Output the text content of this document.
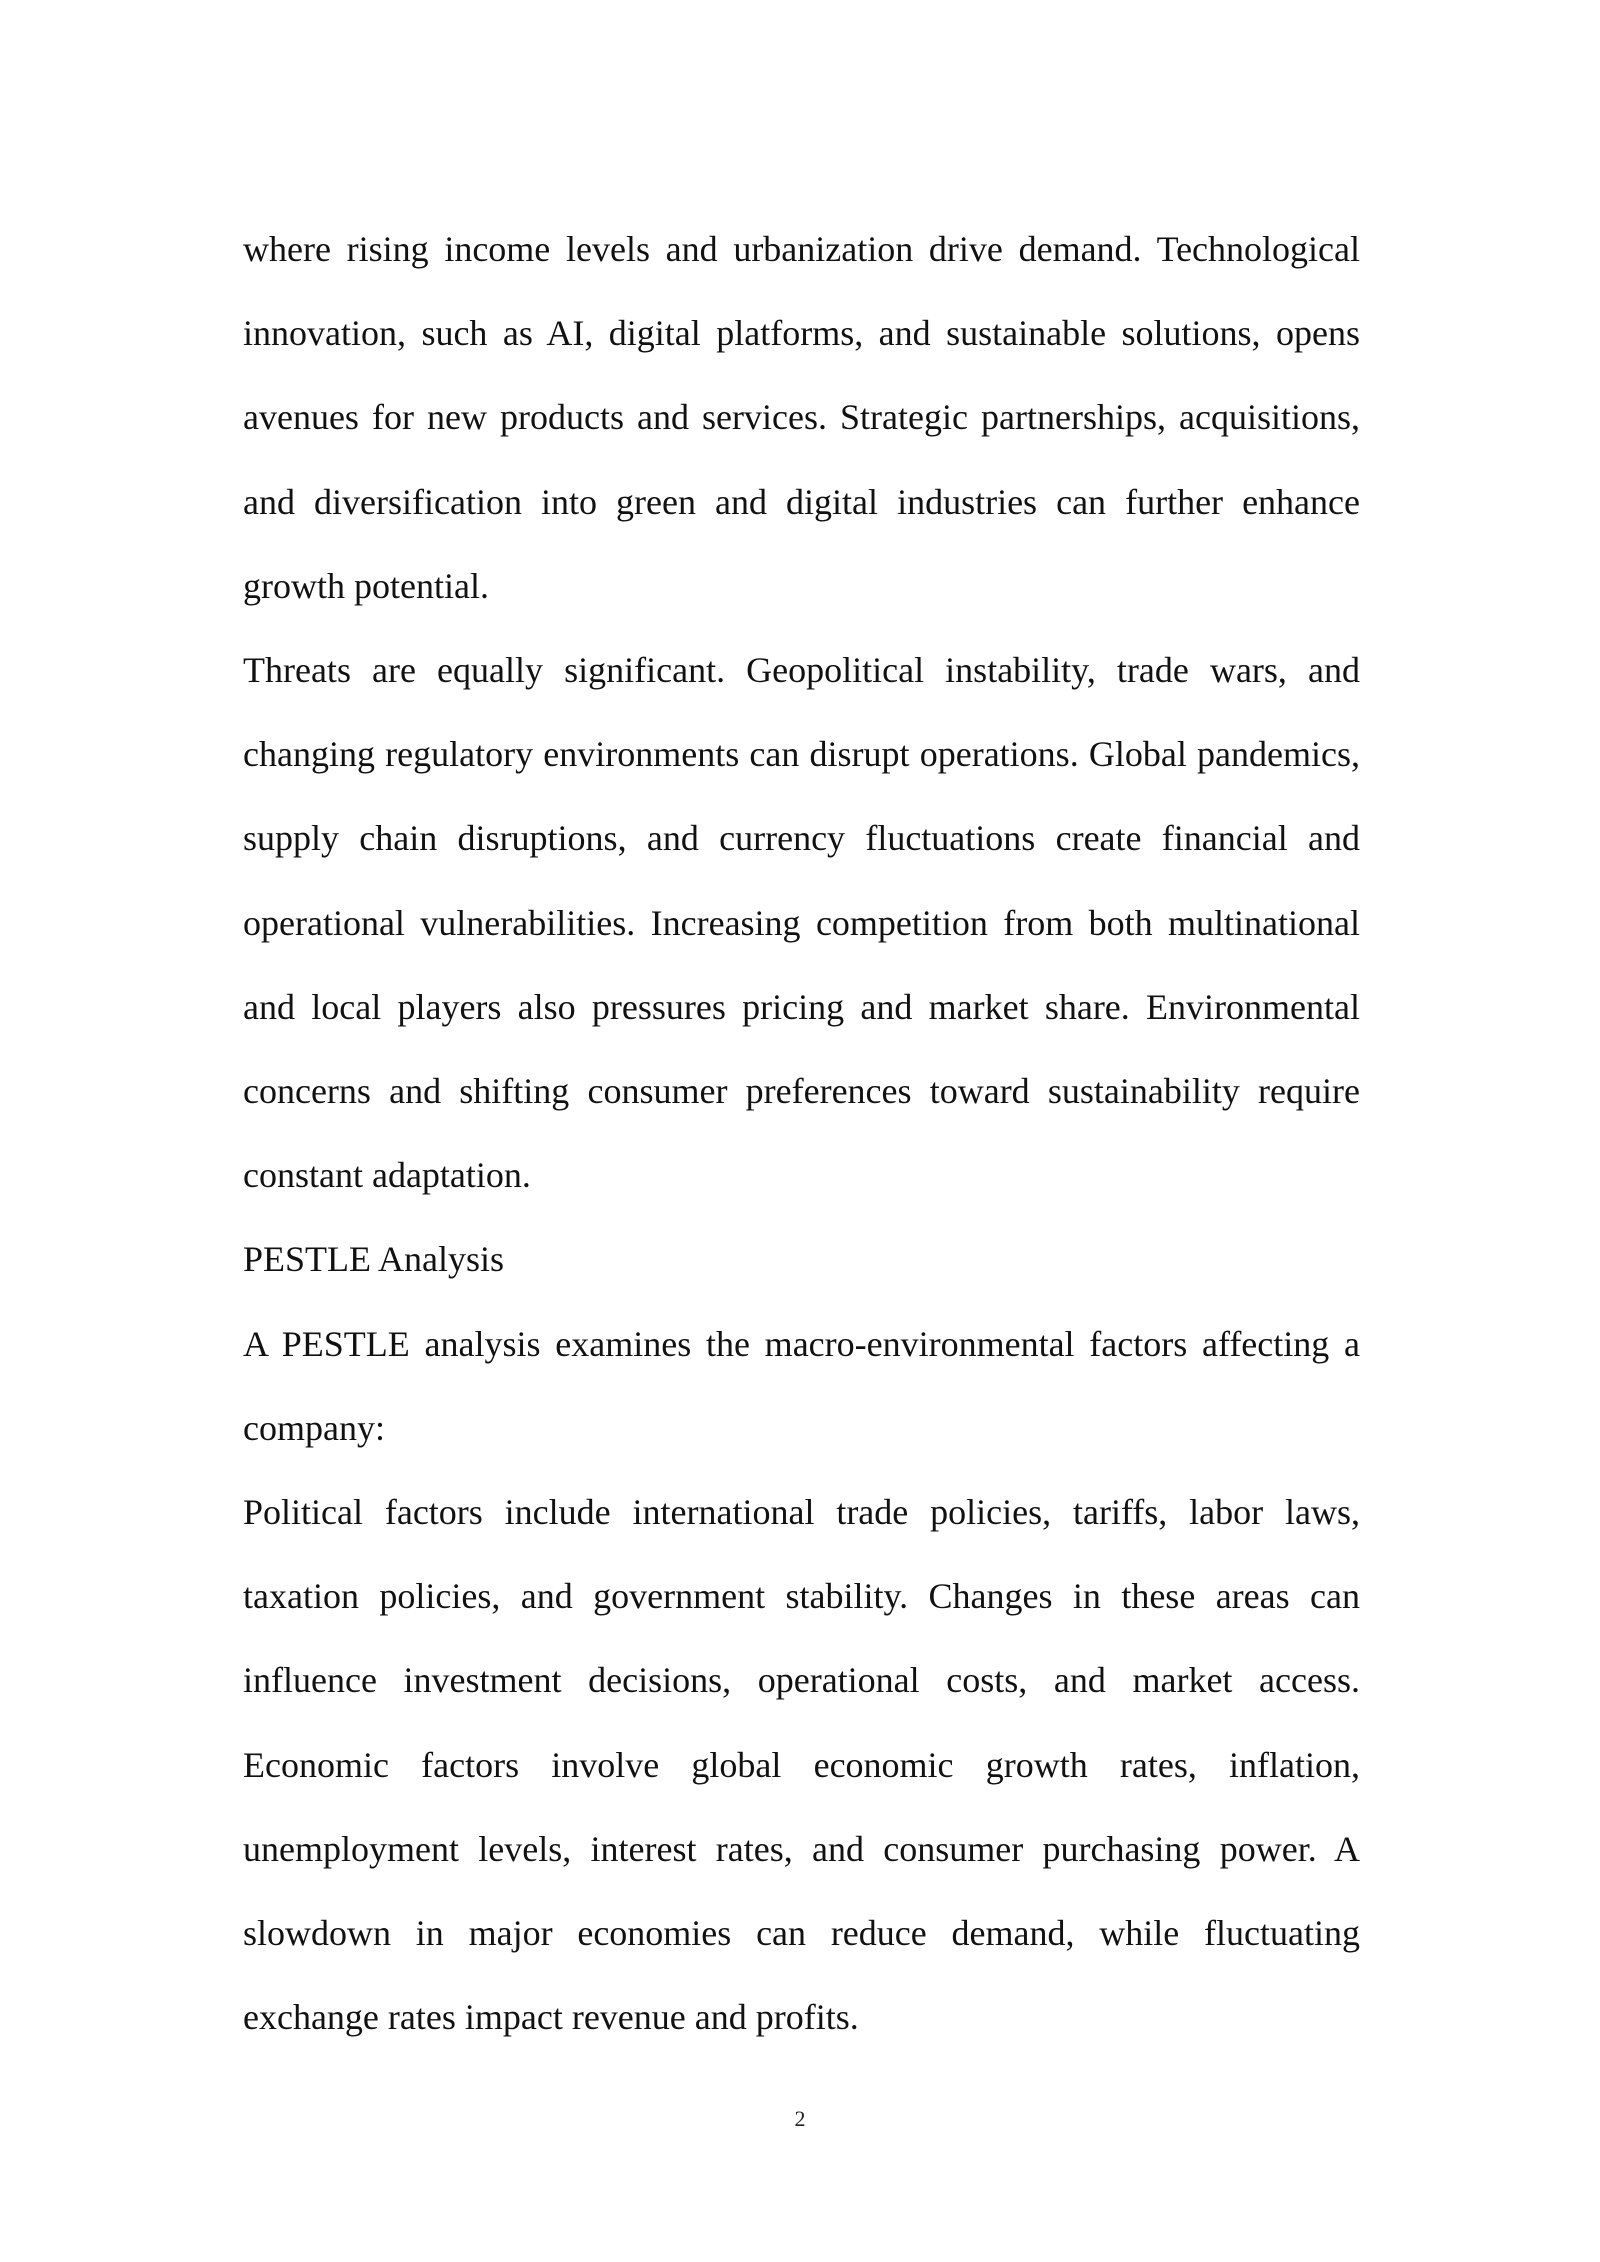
where rising income levels and urbanization drive demand. Technological innovation, such as AI, digital platforms, and sustainable solutions, opens avenues for new products and services. Strategic partnerships, acquisitions, and diversification into green and digital industries can further enhance growth potential.

Threats are equally significant. Geopolitical instability, trade wars, and changing regulatory environments can disrupt operations. Global pandemics, supply chain disruptions, and currency fluctuations create financial and operational vulnerabilities. Increasing competition from both multinational and local players also pressures pricing and market share. Environmental concerns and shifting consumer preferences toward sustainability require constant adaptation.

PESTLE Analysis

A PESTLE analysis examines the macro-environmental factors affecting a company:

Political factors include international trade policies, tariffs, labor laws, taxation policies, and government stability. Changes in these areas can influence investment decisions, operational costs, and market access. Economic factors involve global economic growth rates, inflation, unemployment levels, interest rates, and consumer purchasing power. A slowdown in major economies can reduce demand, while fluctuating exchange rates impact revenue and profits.

2
